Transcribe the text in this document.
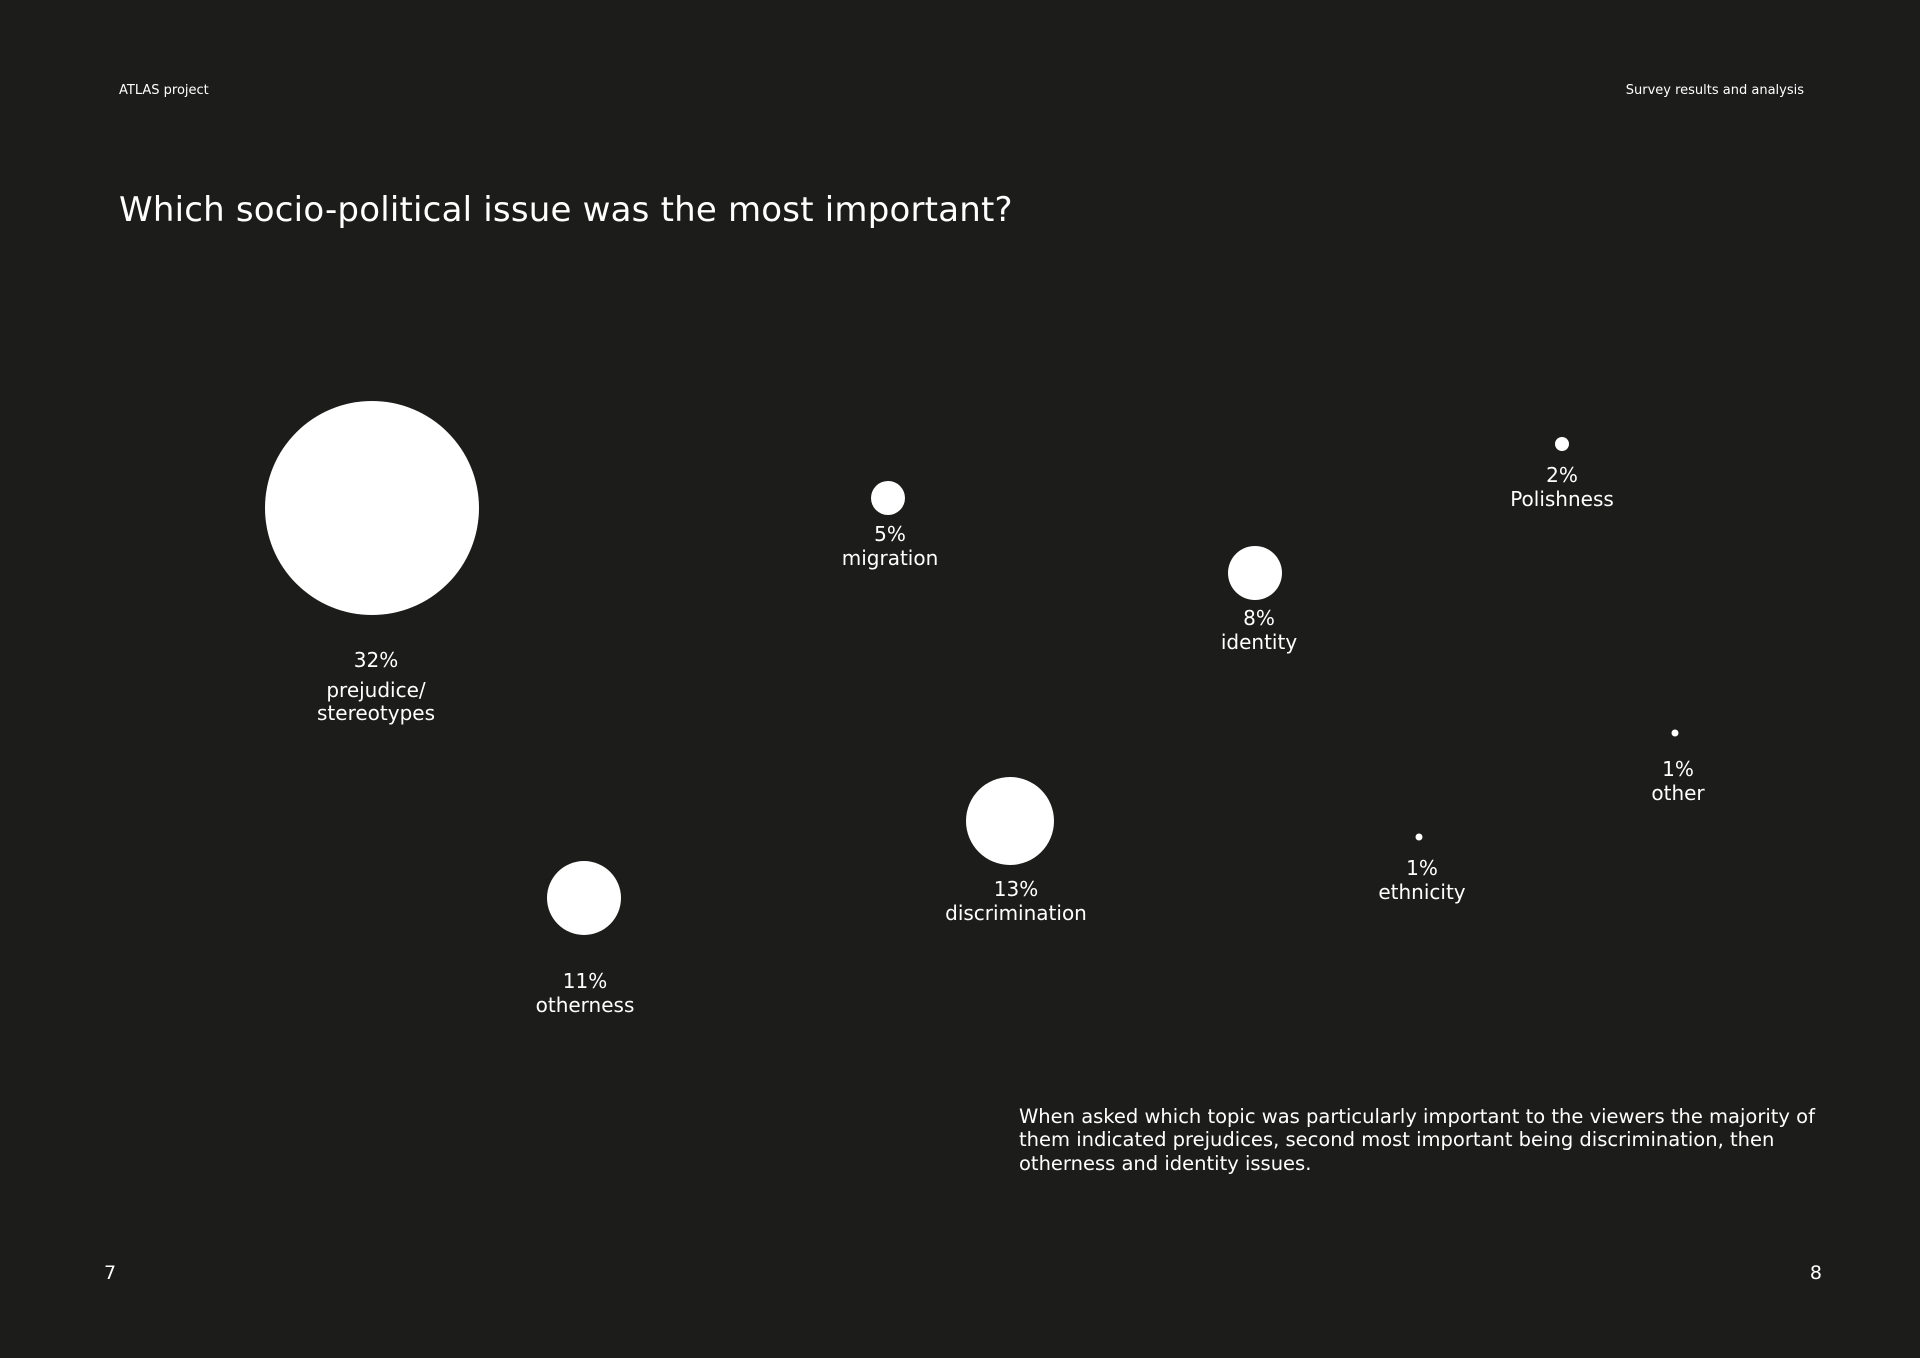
ATLAS project	Survey results and analysis
Which socio-political issue was the most important?
32%
prejudice/
stereotypes
5%
migration
8%
identity
2%
Polishness
1%
other
1%
ethnicity
13%
discrimination
11%
otherness

When asked which topic was particularly important to the viewers the majority of them indicated prejudices, second most important being discrimination, then otherness and identity issues.

7	8
